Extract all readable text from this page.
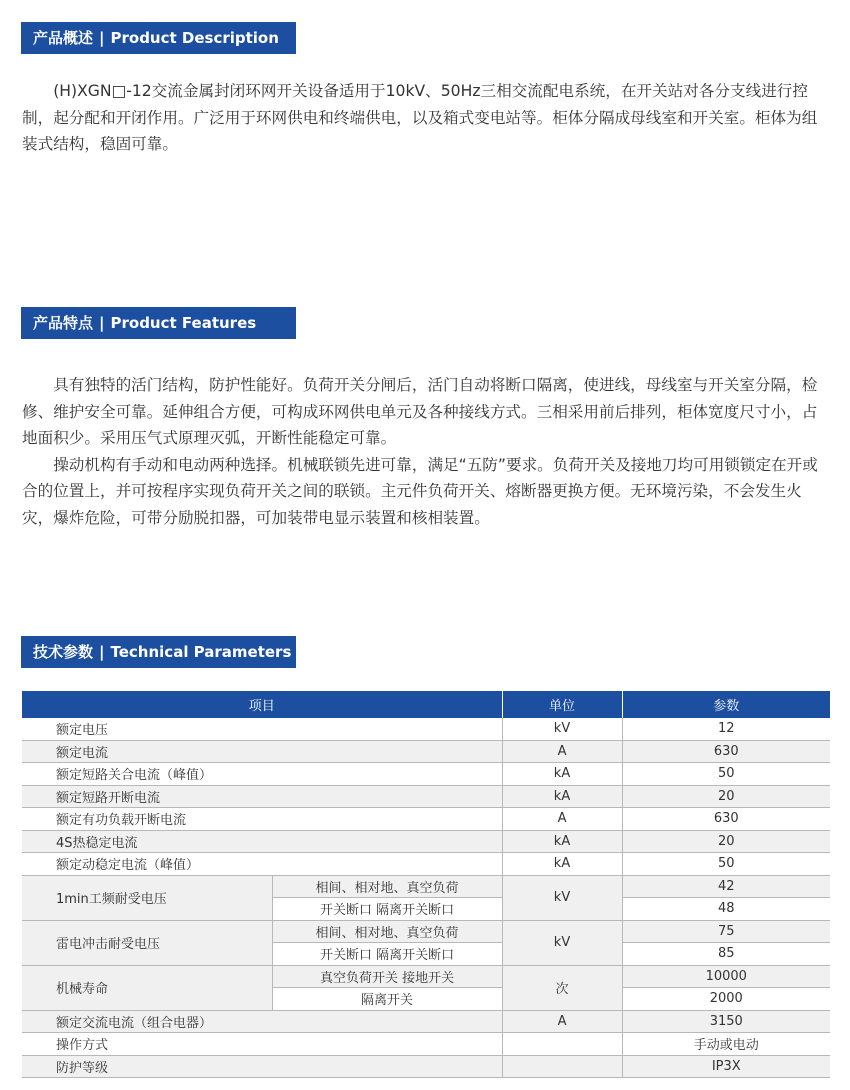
产品概述 | Product Description

(H)XGN□-12交流金属封闭环网开关设备适用于10kV、50Hz三相交流配电系统，在开关站对各分支线进行控制，起分配和开闭作用。广泛用于环网供电和终端供电，以及箱式变电站等。柜体分隔成母线室和开关室。柜体为组装式结构，稳固可靠。

产品特点 | Product Features

具有独特的活门结构，防护性能好。负荷开关分闸后，活门自动将断口隔离，使进线，母线室与开关室分隔，检修、维护安全可靠。延伸组合方便，可构成环网供电单元及各种接线方式。三相采用前后排列，柜体宽度尺寸小，占地面积少。采用压气式原理灭弧，开断性能稳定可靠。

操动机构有手动和电动两种选择。机械联锁先进可靠，满足“五防”要求。负荷开关及接地刀均可用锁锁定在开或合的位置上，并可按程序实现负荷开关之间的联锁。主元件负荷开关、熔断器更换方便。无环境污染，不会发生火灾，爆炸危险，可带分励脱扣器，可加装带电显示装置和核相装置。

技术参数 | Technical Parameters
项目		单位	参数
额定电压		kV	12
额定电流		A	630
额定短路关合电流（峰值）		kA	50
额定短路开断电流		kA	20
额定有功负载开断电流		A	630
4S热稳定电流		kA	20
额定动稳定电流（峰值）		kA	50
1min工频耐受电压	相间、相对地、真空负荷	kV	42
	开关断口 隔离开关断口		48
雷电冲击耐受电压	相间、相对地、真空负荷	kV	75
	开关断口 隔离开关断口		85
机械寿命	真空负荷开关 接地开关	次	10000
	隔离开关		2000
额定交流电流（组合电器）		A	3150
操作方式			手动或电动
防护等级			IP3X
